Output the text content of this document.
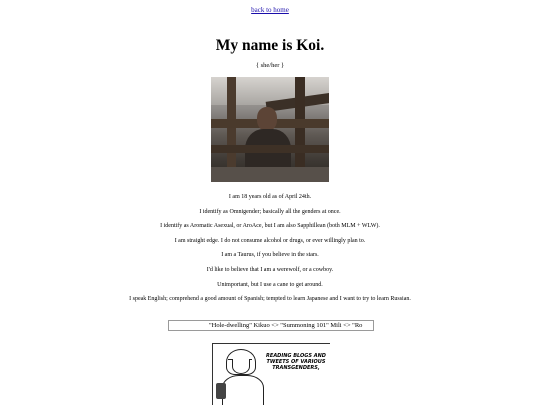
back to home
My name is Koi.
{ she/her }
I am 18 years old as of April 24th.
I identify as Omnigender; basically all the genders at once.
I identify as Aromatic Asexual, or AroAce, but I am also Sapphillean (both MLM + WLW).
I am straight edge. I do not consume alcohol or drugs, or ever willingly plan to.
I am a Taurus, if you believe in the stars.
I'd like to believe that I am a werewolf, or a cowboy.
Unimportant, but I use a cane to get around.
I speak English; comprehend a good amount of Spanish; tempted to learn Japanese and I want to try to learn Russian.
"Hole-dwelling" Kikuo <> "Summoning 101" Mili <> "Ro
READING BLOGS AND TWEETS OF VARIOUS TRANSGENDERS,
